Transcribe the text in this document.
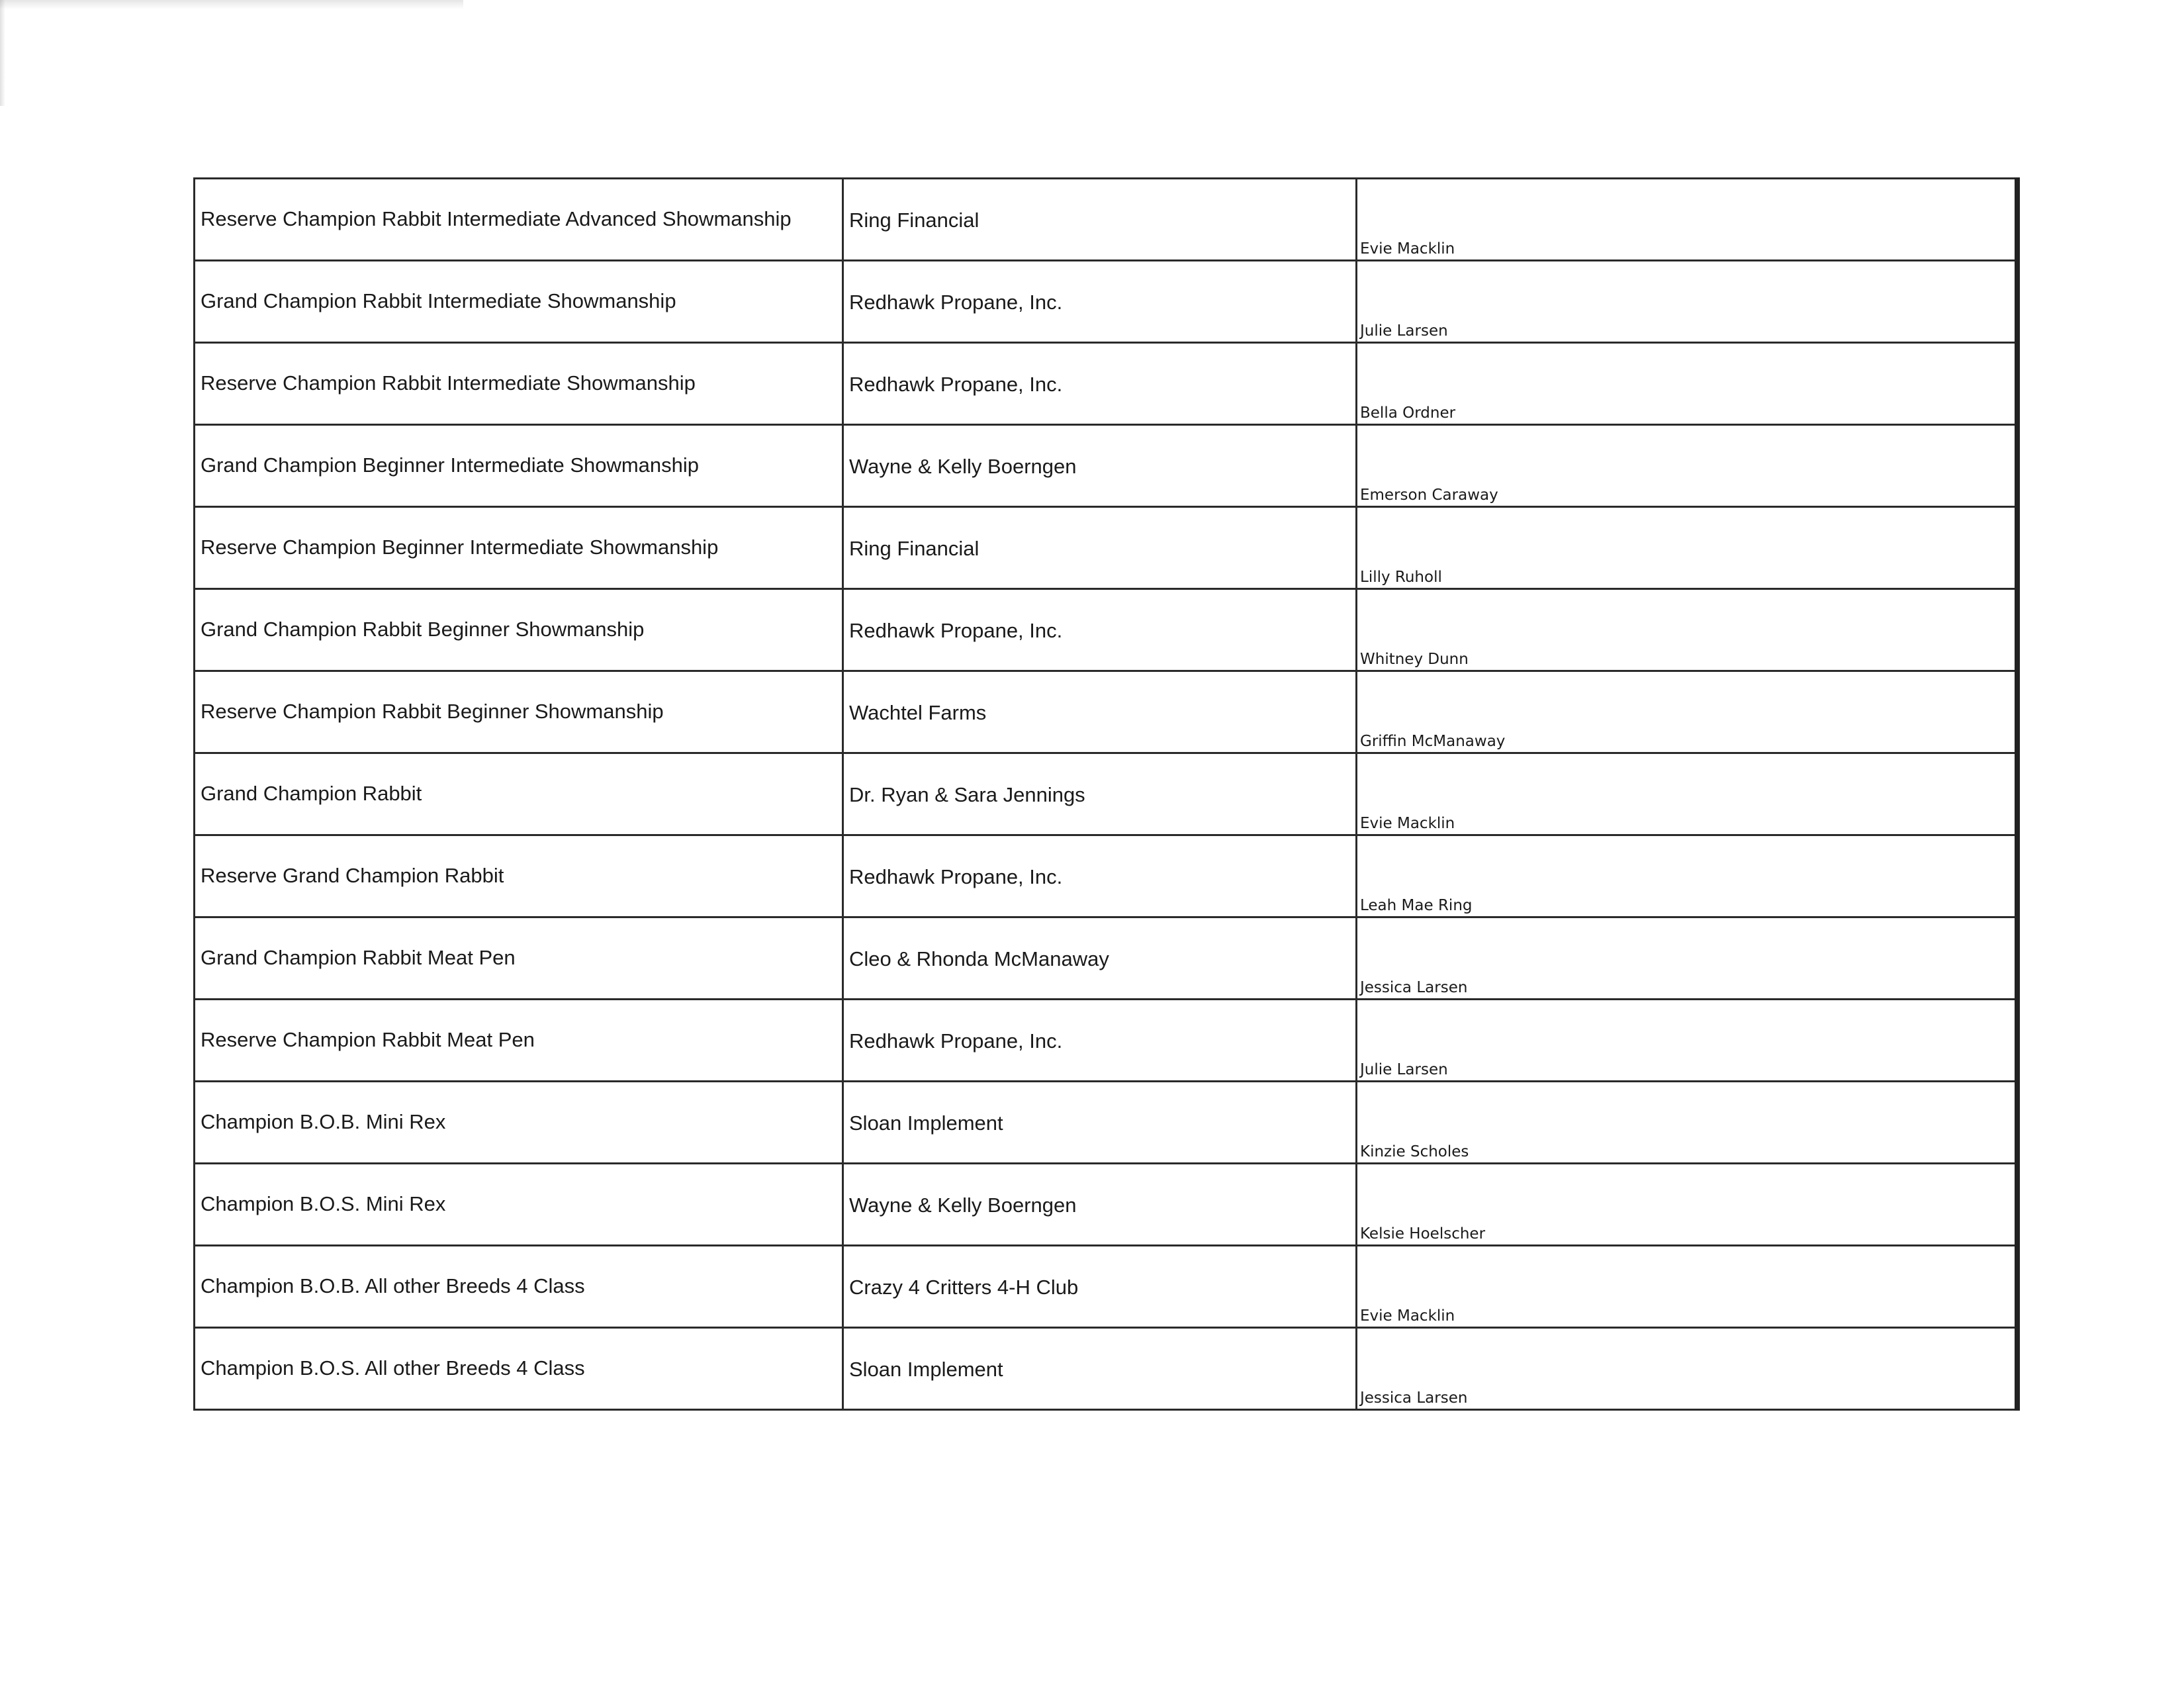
Reserve Champion Rabbit Intermediate Advanced Showmanship	Ring Financial	Evie Macklin

Grand Champion Rabbit Intermediate Showmanship	Redhawk Propane, Inc.	Julie Larsen

Reserve Champion Rabbit Intermediate Showmanship	Redhawk Propane, Inc.	Bella Ordner

Grand Champion Beginner Intermediate Showmanship	Wayne & Kelly Boerngen	Emerson Caraway

Reserve Champion Beginner Intermediate Showmanship	Ring Financial	Lilly Ruholl

Grand Champion Rabbit Beginner Showmanship	Redhawk Propane, Inc.	Whitney Dunn

Reserve Champion Rabbit Beginner Showmanship	Wachtel Farms	Griffin McManaway

Grand Champion Rabbit	Dr. Ryan & Sara Jennings	Evie Macklin

Reserve Grand Champion Rabbit	Redhawk Propane, Inc.	Leah Mae Ring

Grand Champion Rabbit Meat Pen	Cleo & Rhonda McManaway	Jessica Larsen

Reserve Champion Rabbit Meat Pen	Redhawk Propane, Inc.	Julie Larsen

Champion B.O.B. Mini Rex	Sloan Implement	Kinzie Scholes

Champion B.O.S. Mini Rex	Wayne & Kelly Boerngen	Kelsie Hoelscher

Champion B.O.B. All other Breeds 4 Class	Crazy 4 Critters 4-H Club	Evie Macklin

Champion B.O.S. All other Breeds 4 Class	Sloan Implement	Jessica Larsen
